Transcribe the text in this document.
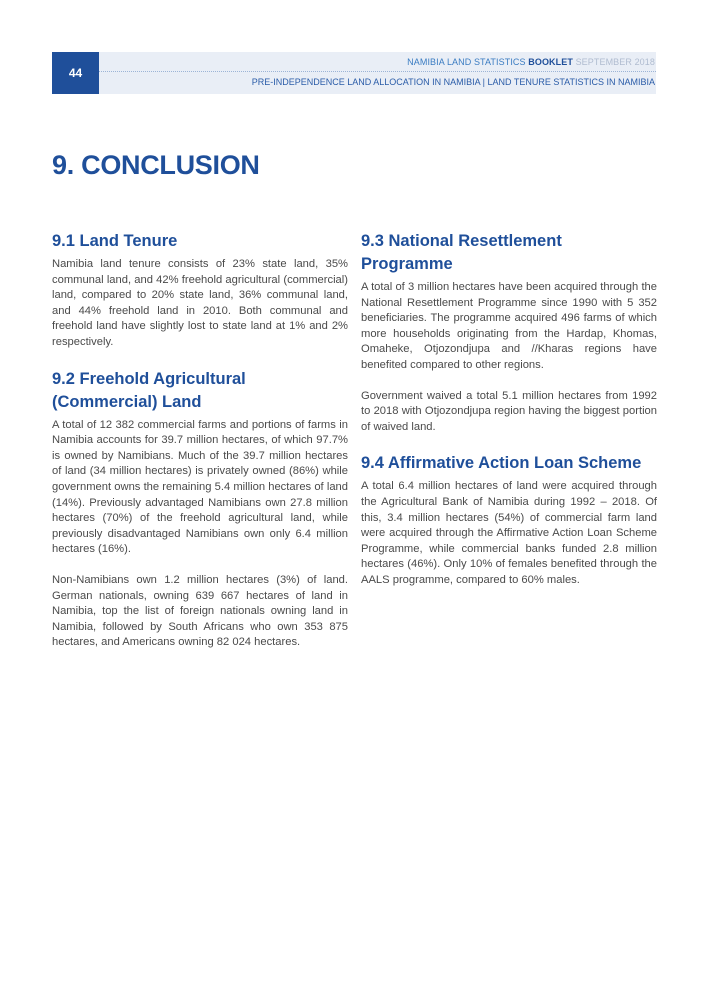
44
NAMIBIA LAND STATISTICS BOOKLET SEPTEMBER 2018
PRE-INDEPENDENCE LAND ALLOCATION IN NAMIBIA | LAND TENURE STATISTICS IN NAMIBIA
9. CONCLUSION
9.1 Land Tenure

Namibia land tenure consists of 23% state land, 35% communal land, and 42% freehold agricultural (commercial) land, compared to 20% state land, 36% communal land, and 44% freehold land in 2010. Both communal and freehold land have slightly lost to state land at 1% and 2% respectively.

9.2 Freehold Agricultural (Commercial) Land

A total of 12 382 commercial farms and portions of farms in Namibia accounts for 39.7 million hectares, of which 97.7% is owned by Namibians. Much of the 39.7 million hectares of land (34 million hectares) is privately owned (86%) while government owns the remaining 5.4 million hectares of land (14%). Previously advantaged Namibians own 27.8 million hectares (70%) of the freehold agricultural land, while previously disadvantaged Namibians own only 6.4 million hectares (16%).

Non-Namibians own 1.2 million hectares (3%) of land. German nationals, owning 639 667 hectares of land in Namibia, top the list of foreign nationals owning land in Namibia, followed by South Africans who own 353 875 hectares, and Americans owning 82 024 hectares.

9.3 National Resettlement Programme

A total of 3 million hectares have been acquired through the National Resettlement Programme since 1990 with 5 352 beneficiaries. The programme acquired 496 farms of which more households originating from the Hardap, Khomas, Omaheke, Otjozondjupa and //Kharas regions have benefited compared to other regions.

Government waived a total 5.1 million hectares from 1992 to 2018 with Otjozondjupa region having the biggest portion of waived land.

9.4 Affirmative Action Loan Scheme

A total 6.4 million hectares of land were acquired through the Agricultural Bank of Namibia during 1992 – 2018. Of this, 3.4 million hectares (54%) of commercial farm land were acquired through the Affirmative Action Loan Scheme Programme, while commercial banks funded 2.8 million hectares (46%). Only 10% of females benefited through the AALS programme, compared to 60% males.
